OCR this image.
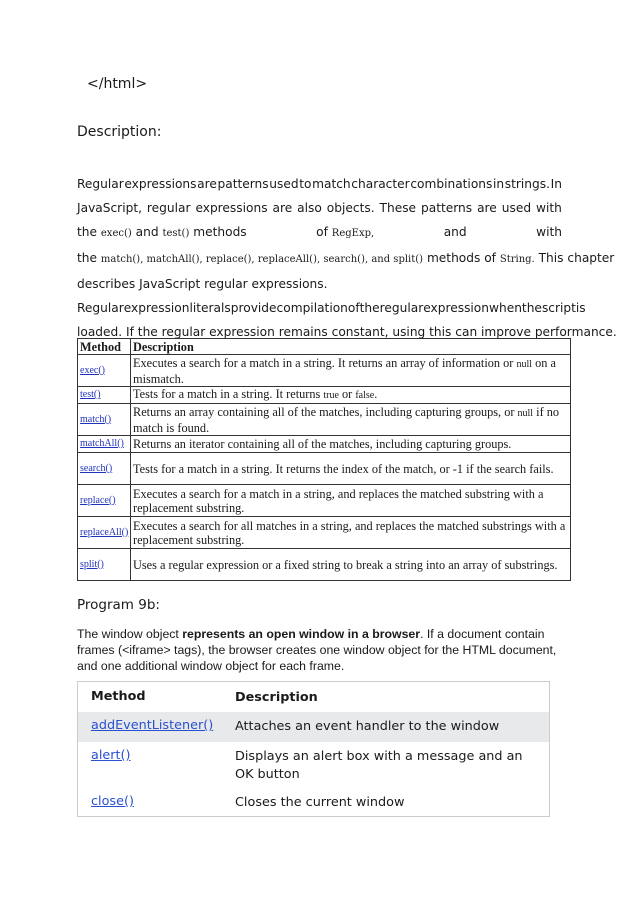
</html>
Description:
Regular expressions are patterns used to match character combinations in strings. In
JavaScript, regular expressions are also objects. These patterns are used with
the exec() and test() methods	of RegExp,	and	with
the match(), matchAll(), replace(), replaceAll(), search(), and split() methods of String. This chapter
describes JavaScript regular expressions.
Regular expression literals provide compilation of the regular expression when the script is
loaded. If the regular expression remains constant, using this can improve performance.
Method	Description
exec()	Executes a search for a match in a string. It returns an array of information or null on a mismatch.
test()	Tests for a match in a string. It returns true or false.
match()	Returns an array containing all of the matches, including capturing groups, or null if no match is found.
matchAll()	Returns an iterator containing all of the matches, including capturing groups.
search()	Tests for a match in a string. It returns the index of the match, or -1 if the search fails.
replace()	Executes a search for a match in a string, and replaces the matched substring with a replacement substring.
replaceAll()	Executes a search for all matches in a string, and replaces the matched substrings with a replacement substring.
split()	Uses a regular expression or a fixed string to break a string into an array of substrings.
Program 9b:
The window object represents an open window in a browser. If a document contain frames (<iframe> tags), the browser creates one window object for the HTML document, and one additional window object for each frame.
Method	Description
addEventListener() Attaches an event handler to the window
alert()	Displays an alert box with a message and an OK button
close()	Closes the current window
